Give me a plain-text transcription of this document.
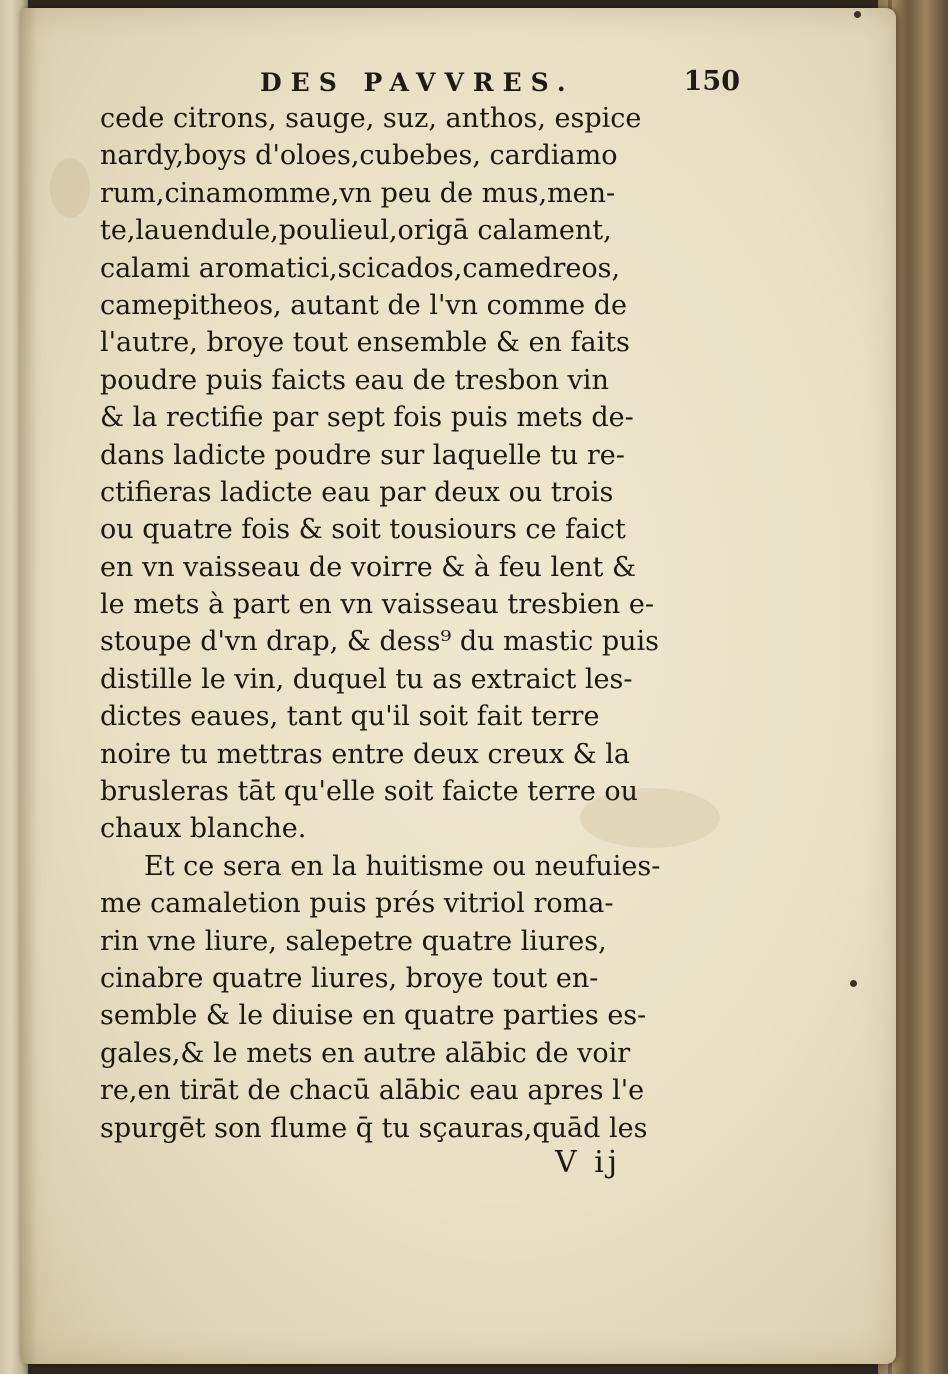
DES PAVVRES.	150
cede citrons, sauge, suz, anthos, espice
nardy,boys d'oloes,cubebes, cardiamo
rum,cinamomme,vn peu de mus,men-
te,lauendule,poulieul,origā calament,
calami aromatici,scicados,camedreos,
camepitheos, autant de l'vn comme de
l'autre, broye tout ensemble & en faits
poudre puis faicts eau de tresbon vin
& la rectifie par sept fois puis mets de-
dans ladicte poudre sur laquelle tu re-
ctifieras ladicte eau par deux ou trois
ou quatre fois & soit tousiours ce faict
en vn vaisseau de voirre & à feu lent &
le mets à part en vn vaisseau tresbien e-
stoupe d'vn drap, & dess⁹ du mastic puis
distille le vin, duquel tu as extraict les-
dictes eaues, tant qu'il soit fait terre
noire tu mettras entre deux creux & la
brusleras tāt qu'elle soit faicte terre ou
chaux blanche.
Et ce sera en la huitisme ou neufuies-
me camaletion puis prés vitriol roma-
rin vne liure, salepetre quatre liures,
cinabre quatre liures, broye tout en-
semble & le diuise en quatre parties es-
gales,& le mets en autre alābic de voir
re,en tirāt de chacū alābic eau apres l'e
spurgēt son flume q̄ tu sçauras,quād les
V ij
